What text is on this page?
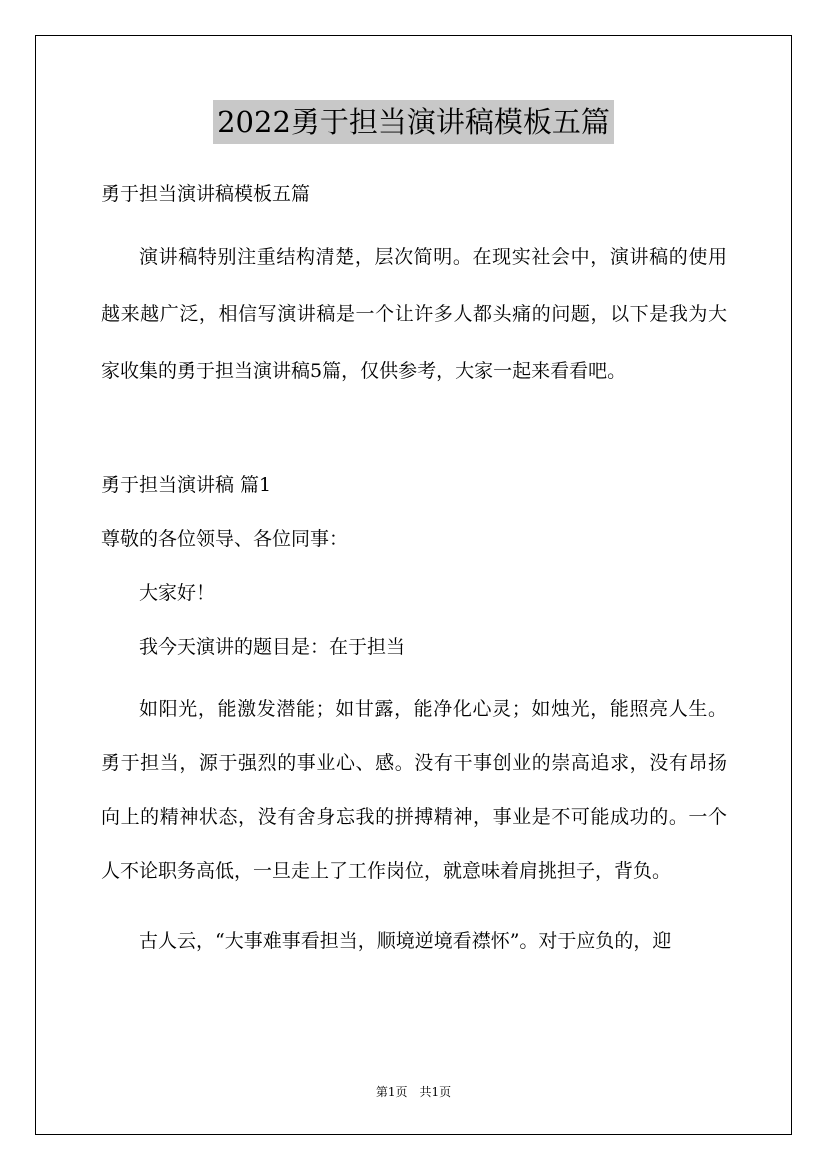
2022勇于担当演讲稿模板五篇
勇于担当演讲稿模板五篇
演讲稿特别注重结构清楚，层次简明。在现实社会中，演讲稿的使用越来越广泛，相信写演讲稿是一个让许多人都头痛的问题，以下是我为大家收集的勇于担当演讲稿5篇，仅供参考，大家一起来看看吧。
勇于担当演讲稿 篇1
尊敬的各位领导、各位同事：
大家好！
我今天演讲的题目是：在于担当
如阳光，能激发潜能；如甘露，能净化心灵；如烛光，能照亮人生。勇于担当，源于强烈的事业心、感。没有干事创业的崇高追求，没有昂扬向上的精神状态，没有舍身忘我的拼搏精神，事业是不可能成功的。一个人不论职务高低，一旦走上了工作岗位，就意味着肩挑担子，背负。
古人云，“大事难事看担当，顺境逆境看襟怀”。对于应负的，迎
第1页　共1页
